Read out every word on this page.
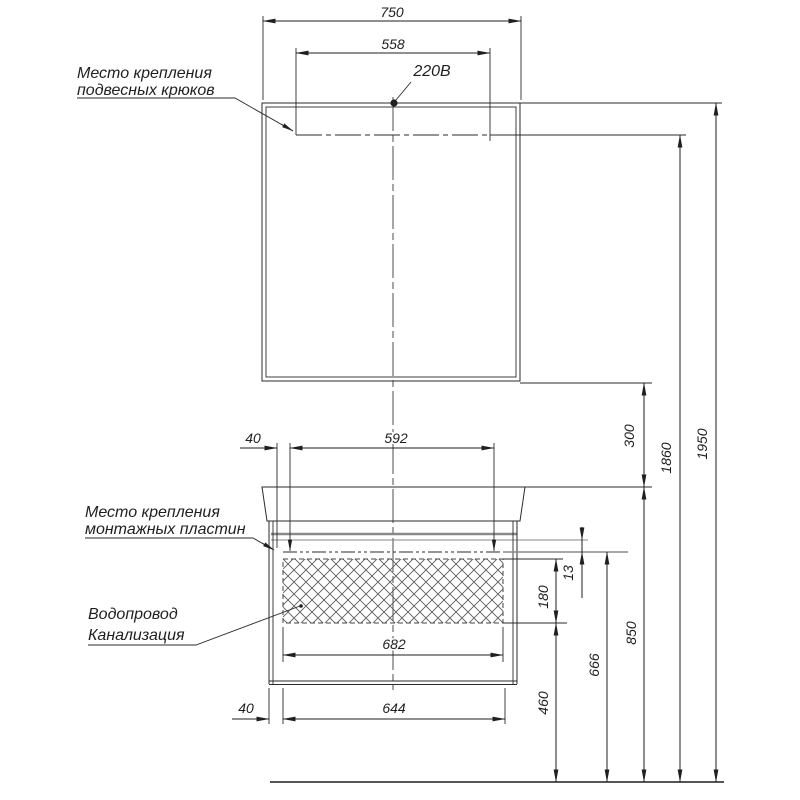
750
558
40	592
682
644
40
300
13
180
460
666
850
1860 1950
Место крепления
подвесных крюков
220В
Место крепления
монтажных пластин
Водопровод
Канализация
